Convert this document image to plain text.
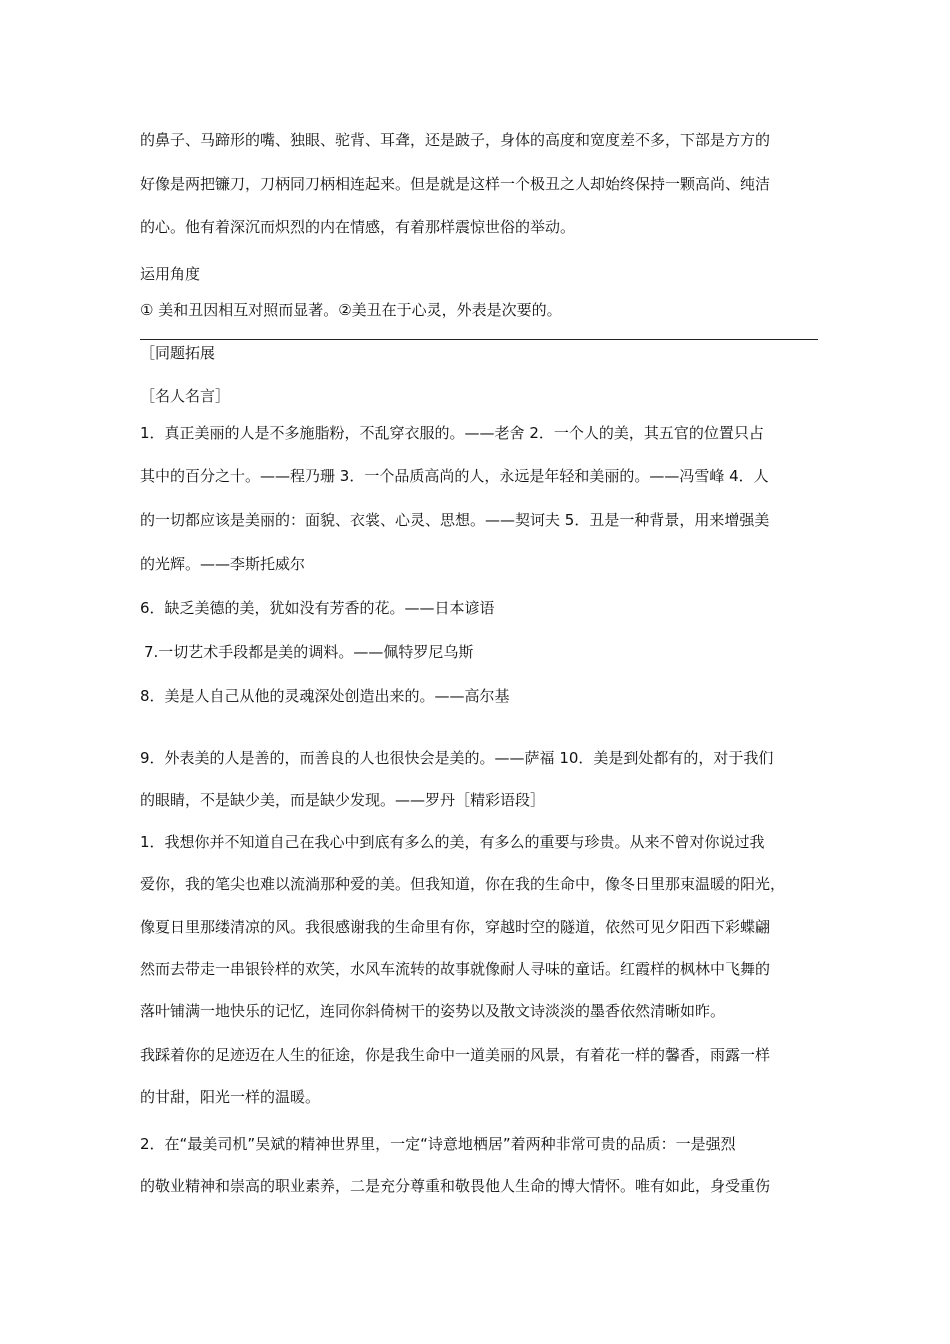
的鼻子、马蹄形的嘴、独眼、驼背、耳聋，还是跛子，身体的高度和宽度差不多，下部是方方的
好像是两把镰刀，刀柄同刀柄相连起来。但是就是这样一个极丑之人却始终保持一颗高尚、纯洁
的心。他有着深沉而炽烈的内在情感，有着那样震惊世俗的举动。
运用角度
① 美和丑因相互对照而显著。②美丑在于心灵，外表是次要的。
［同题拓展
［名人名言］
1．真正美丽的人是不多施脂粉，不乱穿衣服的。——老舍 2．一个人的美，其五官的位置只占
其中的百分之十。——程乃珊 3．一个品质高尚的人，永远是年轻和美丽的。——冯雪峰 4．人
的一切都应该是美丽的：面貌、衣裳、心灵、思想。——契诃夫 5．丑是一种背景，用来增强美
的光辉。——李斯托威尔
6．缺乏美德的美，犹如没有芳香的花。——日本谚语
7.一切艺术手段都是美的调料。——佩特罗尼乌斯
8．美是人自己从他的灵魂深处创造出来的。——高尔基
9．外表美的人是善的，而善良的人也很快会是美的。——萨福 10．美是到处都有的，对于我们
的眼睛，不是缺少美，而是缺少发现。——罗丹［精彩语段］
1．我想你并不知道自己在我心中到底有多么的美，有多么的重要与珍贵。从来不曾对你说过我
爱你，我的笔尖也难以流淌那种爱的美。但我知道，你在我的生命中，像冬日里那束温暖的阳光，
像夏日里那缕清凉的风。我很感谢我的生命里有你，穿越时空的隧道，依然可见夕阳西下彩蝶翩
然而去带走一串银铃样的欢笑，水风车流转的故事就像耐人寻味的童话。红霞样的枫林中飞舞的
落叶铺满一地快乐的记忆，连同你斜倚树干的姿势以及散文诗淡淡的墨香依然清晰如昨。
我踩着你的足迹迈在人生的征途，你是我生命中一道美丽的风景，有着花一样的馨香，雨露一样
的甘甜，阳光一样的温暖。
2．在“最美司机”吴斌的精神世界里，一定“诗意地栖居”着两种非常可贵的品质：一是强烈
的敬业精神和崇高的职业素养，二是充分尊重和敬畏他人生命的博大情怀。唯有如此，身受重伤
